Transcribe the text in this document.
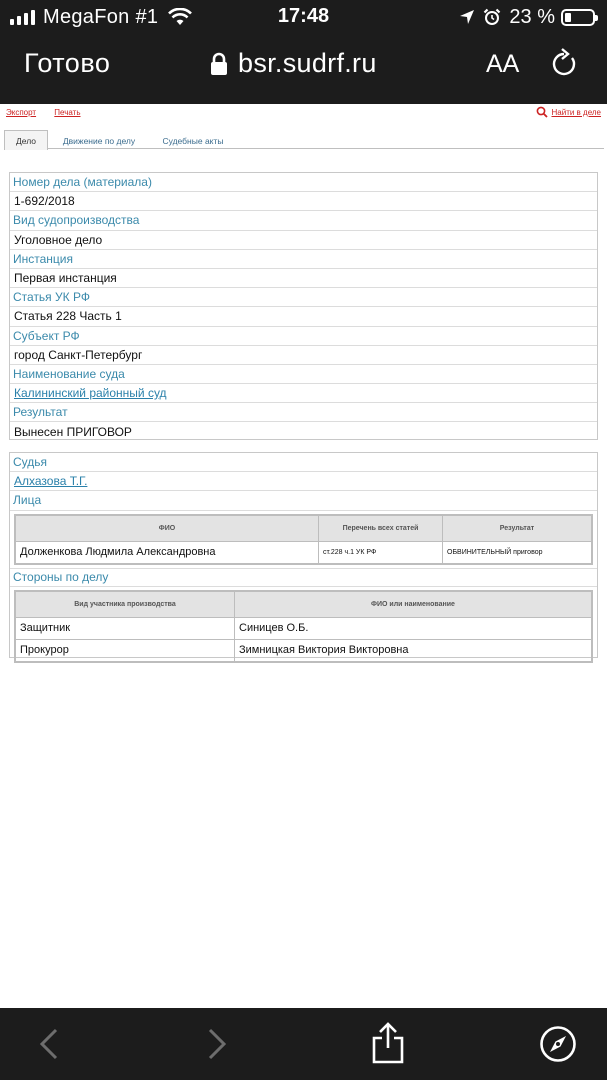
MegaFon #1	17:48	23 %
Готово	bsr.sudrf.ru	AA
Экспорт Печать	Найти в деле
Дело	Движение по делу	Судебные акты
Номер дела (материала)
1-692/2018
Вид судопроизводства
Уголовное дело
Инстанция
Первая инстанция
Статья УК РФ
Статья 228 Часть 1
Субъект РФ
город Санкт-Петербург
Наименование суда
Калининский районный суд
Результат
Вынесен ПРИГОВОР
Судья
Алхазова Т.Г.
Лица
ФИО	Перечень всех статей	Результат
Долженкова Людмила Александровна	ст.228 ч.1 УК РФ	ОБВИНИТЕЛЬНЫЙ приговор
Стороны по делу
Вид участника производства	ФИО или наименование
Защитник	Синицев О.Б.
Прокурор	Зимницкая Виктория Викторовна
